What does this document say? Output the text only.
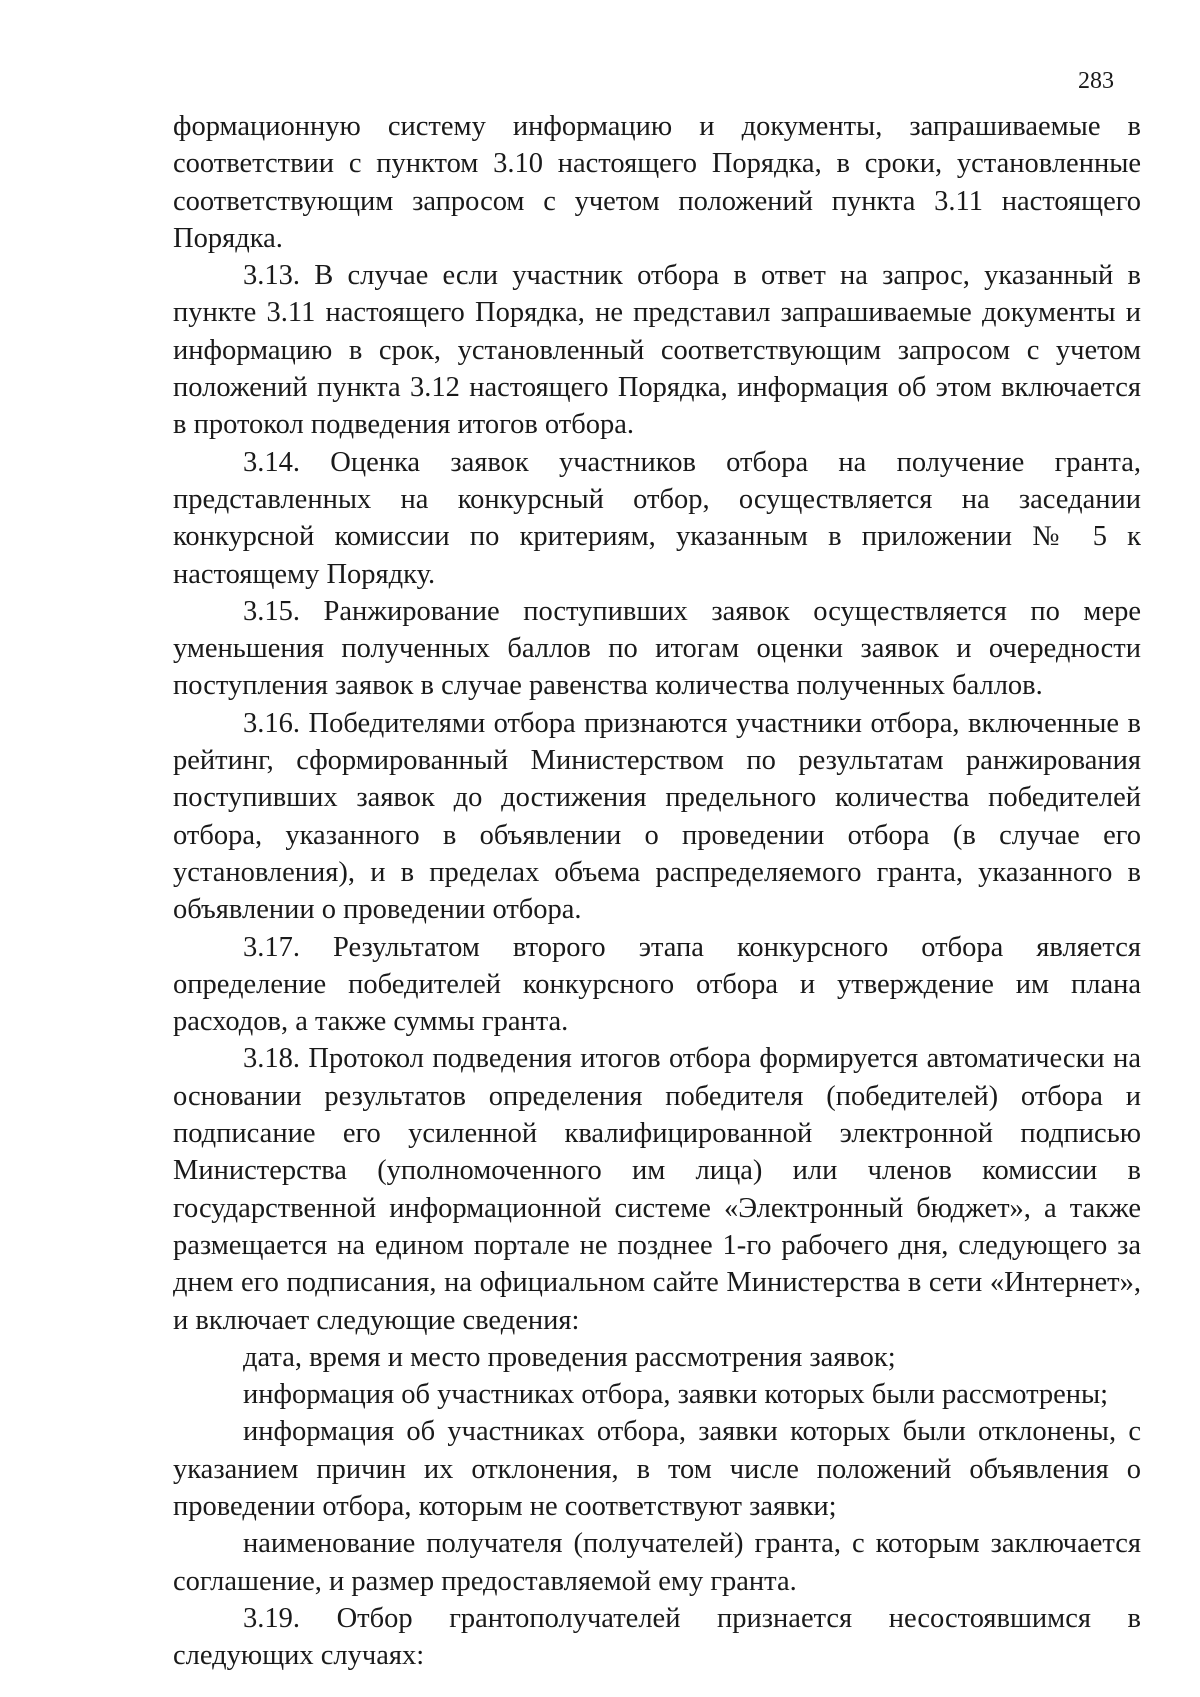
283

формационную систему информацию и документы, запрашиваемые в соответствии с пунктом 3.10 настоящего Порядка, в сроки, установленные соответствующим запросом с учетом положений пункта 3.11 настоящего Порядка.

3.13. В случае если участник отбора в ответ на запрос, указанный в пункте 3.11 настоящего Порядка, не представил запрашиваемые документы и информацию в срок, установленный соответствующим запросом с учетом положений пункта 3.12 настоящего Порядка, информация об этом включается в протокол подведения итогов отбора.

3.14. Оценка заявок участников отбора на получение гранта, представленных на конкурсный отбор, осуществляется на заседании конкурсной комиссии по критериям, указанным в приложении № 5 к настоящему Порядку.

3.15. Ранжирование поступивших заявок осуществляется по мере уменьшения полученных баллов по итогам оценки заявок и очередности поступления заявок в случае равенства количества полученных баллов.

3.16. Победителями отбора признаются участники отбора, включенные в рейтинг, сформированный Министерством по результатам ранжирования поступивших заявок до достижения предельного количества победителей отбора, указанного в объявлении о проведении отбора (в случае его установления), и в пределах объема распределяемого гранта, указанного в объявлении о проведении отбора.

3.17. Результатом второго этапа конкурсного отбора является определение победителей конкурсного отбора и утверждение им плана расходов, а также суммы гранта.

3.18. Протокол подведения итогов отбора формируется автоматически на основании результатов определения победителя (победителей) отбора и подписание его усиленной квалифицированной электронной подписью Министерства (уполномоченного им лица) или членов комиссии в государственной информационной системе «Электронный бюджет», а также размещается на едином портале не позднее 1-го рабочего дня, следующего за днем его подписания, на официальном сайте Министерства в сети «Интернет», и включает следующие сведения:

дата, время и место проведения рассмотрения заявок;

информация об участниках отбора, заявки которых были рассмотрены;

информация об участниках отбора, заявки которых были отклонены, с указанием причин их отклонения, в том числе положений объявления о проведении отбора, которым не соответствуют заявки;

наименование получателя (получателей) гранта, с которым заключается соглашение, и размер предоставляемой ему гранта.

3.19. Отбор грантополучателей признается несостоявшимся в следующих случаях:
